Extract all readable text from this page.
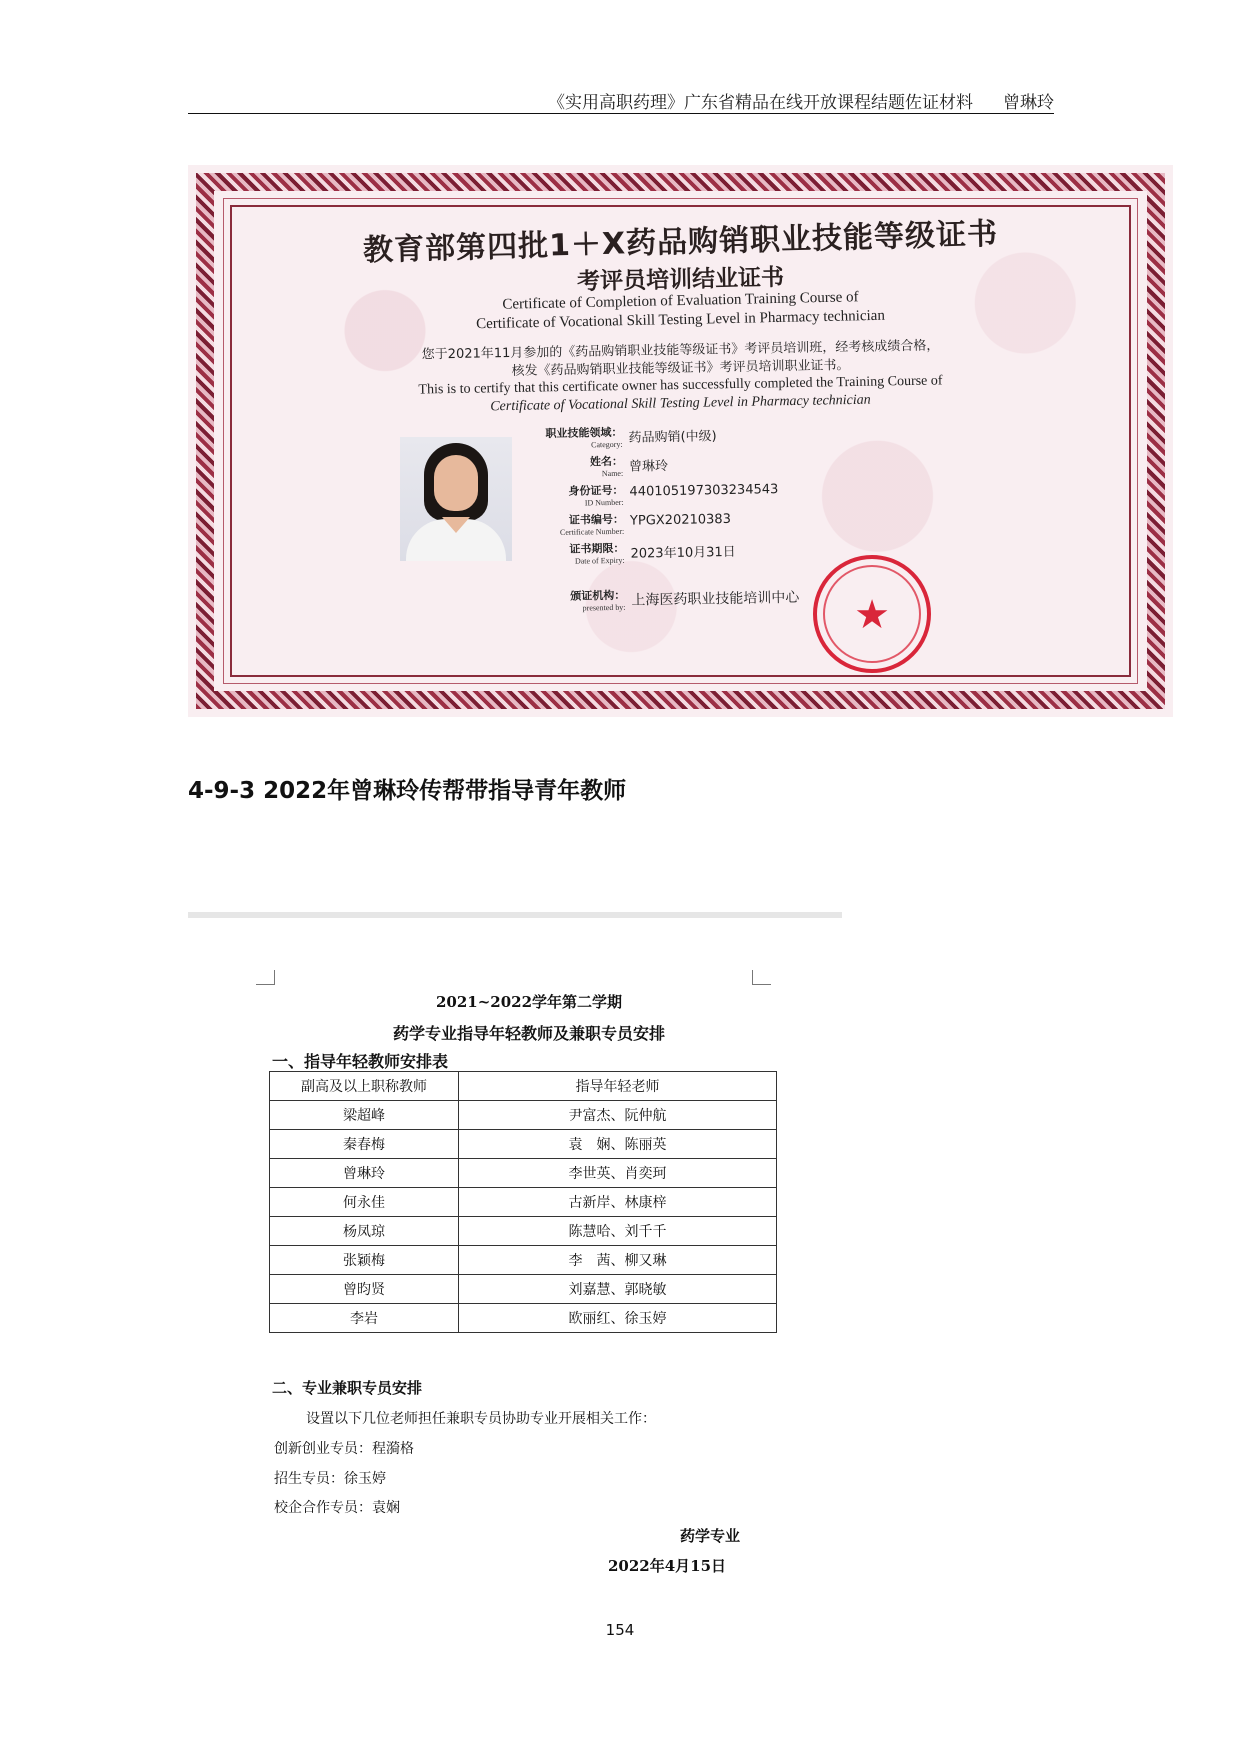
《实用高职药理》广东省精品在线开放课程结题佐证材料 曾琳玲
教育部第四批1＋X药品购销职业技能等级证书
考评员培训结业证书
Certificate of Completion of Evaluation Training Course of
Certificate of Vocational Skill Testing Level in Pharmacy technician
您于2021年11月参加的《药品购销职业技能等级证书》考评员培训班，经考核成绩合格，
核发《药品购销职业技能等级证书》考评员培训职业证书。
This is to certify that this certificate owner has successfully completed the Training Course of
Certificate of Vocational Skill Testing Level in Pharmacy technician
职业技能领域：
Category: 药品购销(中级)
姓名：
Name: 曾琳玲
身份证号：
ID Number:
440105197303234543
证书编号：
Certificate Number:
YPGX20210383
证书期限：
Date of Expiry: 2023年10月31日
颁证机构：
presented by: 上海医药职业技能培训中心	★
4-9-3 2022年曾琳玲传帮带指导青年教师
2021~2022学年第二学期
药学专业指导年轻教师及兼职专员安排
一、指导年轻教师安排表
副高及以上职称教师	指导年轻老师
梁超峰	尹富杰、阮仲航
秦春梅	袁　娴、陈丽英
曾琳玲	李世英、肖奕珂
何永佳	古新岸、林康梓
杨凤琼	陈慧哈、刘千千
张颖梅	李　茜、柳又琳
曾昀贤	刘嘉慧、郭晓敏
李岩	欧丽红、徐玉婷
二、专业兼职专员安排
设置以下几位老师担任兼职专员协助专业开展相关工作：
创新创业专员：程漪格
招生专员：徐玉婷
校企合作专员：袁娴
药学专业
2022年4月15日
154
